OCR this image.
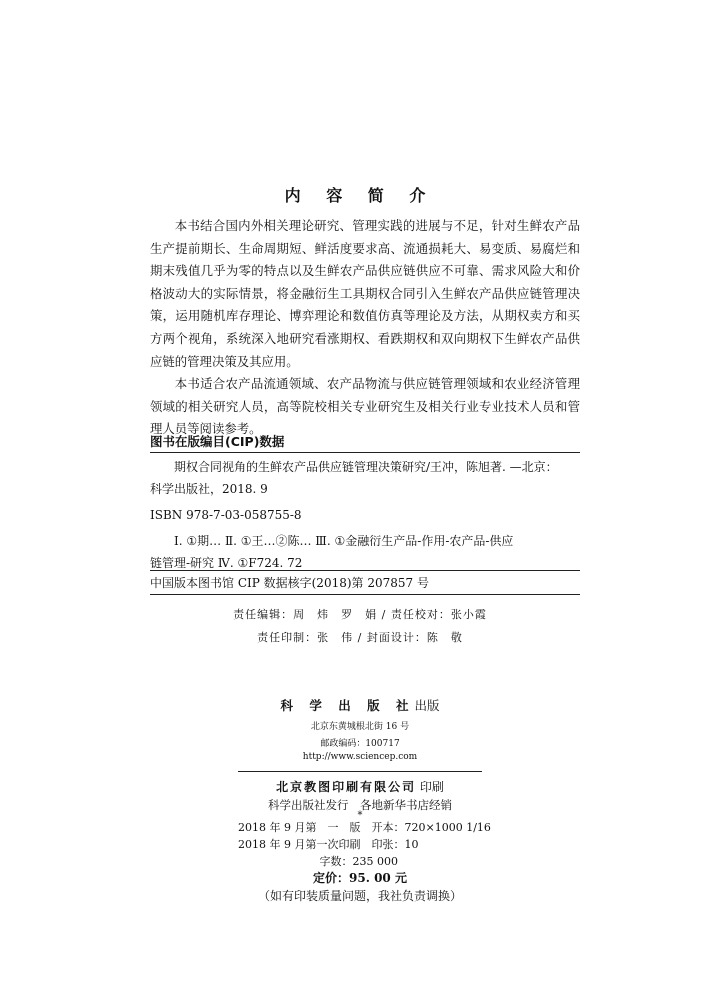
内 容 简 介

本书结合国内外相关理论研究、管理实践的进展与不足，针对生鲜农产品生产提前期长、生命周期短、鲜活度要求高、流通损耗大、易变质、易腐烂和期末残值几乎为零的特点以及生鲜农产品供应链供应不可靠、需求风险大和价格波动大的实际情景，将金融衍生工具期权合同引入生鲜农产品供应链管理决策，运用随机库存理论、博弈理论和数值仿真等理论及方法，从期权卖方和买方两个视角，系统深入地研究看涨期权、看跌期权和双向期权下生鲜农产品供应链的管理决策及其应用。

本书适合农产品流通领域、农产品物流与供应链管理领域和农业经济管理领域的相关研究人员，高等院校相关专业研究生及相关行业专业技术人员和管理人员等阅读参考。

图书在版编目(CIP)数据
期权合同视角的生鲜农产品供应链管理决策研究/王冲，陈旭著. —北京：
科学出版社，2018. 9
ISBN 978-7-03-058755-8
Ⅰ. ①期… Ⅱ. ①王…②陈… Ⅲ. ①金融衍生产品-作用-农产品-供应
链管理-研究 Ⅳ. ①F724. 72
中国版本图书馆 CIP 数据核字(2018)第 207857 号
责任编辑：周　炜　罗　娟 / 责任校对：张小霞
责任印制：张　伟 / 封面设计：陈　敬
科 学 出 版 社出版
北京东黄城根北街 16 号
邮政编码：100717
http://www.sciencep.com
北京教图印刷有限公司 印刷
科学出版社发行　各地新华书店经销
*
2018 年 9 月第　一　版 开本：720×1000 1/16
2018 年 9 月第一次印刷 印张：10
字数：235 000
定价：95. 00 元
（如有印装质量问题，我社负责调换）
